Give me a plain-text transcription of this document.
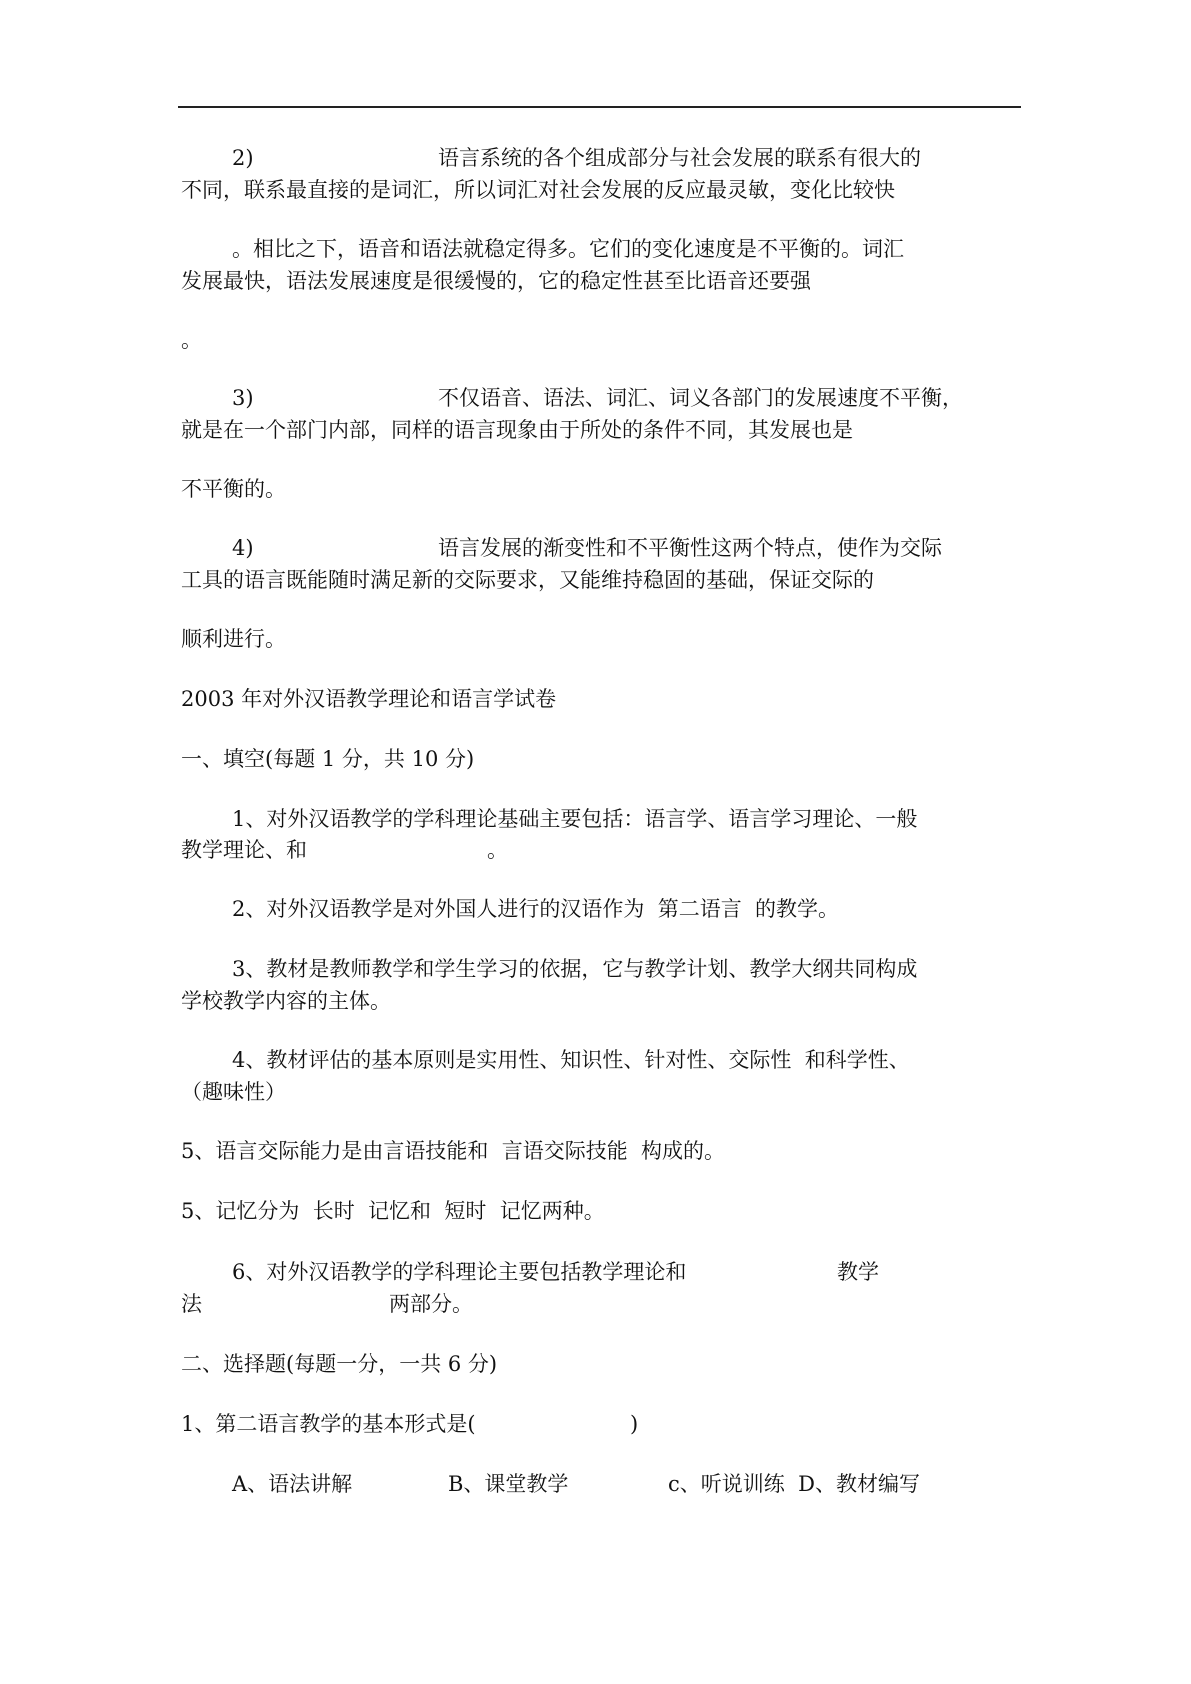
2)	语言系统的各个组成部分与社会发展的联系有很大的
不同，联系最直接的是词汇，所以词汇对社会发展的反应最灵敏，变化比较快
。相比之下，语音和语法就稳定得多。它们的变化速度是不平衡的。词汇
发展最快，语法发展速度是很缓慢的，它的稳定性甚至比语音还要强
。
3)	不仅语音、语法、词汇、词义各部门的发展速度不平衡，
就是在一个部门内部，同样的语言现象由于所处的条件不同，其发展也是
不平衡的。
4)	语言发展的渐变性和不平衡性这两个特点，使作为交际
工具的语言既能随时满足新的交际要求，又能维持稳固的基础，保证交际的
顺利进行。
2003 年对外汉语教学理论和语言学试卷
一、填空(每题 1 分，共 10 分)
1、对外汉语教学的学科理论基础主要包括：语言学、语言学习理论、一般
教学理论、和	。
2、对外汉语教学是对外国人进行的汉语作为  第二语言  的教学。
3、教材是教师教学和学生学习的依据，它与教学计划、教学大纲共同构成
学校教学内容的主体。
4、教材评估的基本原则是实用性、知识性、针对性、交际性  和科学性、
（趣味性）
5、语言交际能力是由言语技能和  言语交际技能  构成的。
5、记忆分为  长时  记忆和  短时  记忆两种。
6、对外汉语教学的学科理论主要包括教学理论和	教学
法	两部分。
二、选择题(每题一分，一共 6 分)
1、第二语言教学的基本形式是(	)
A、语法讲解	B、课堂教学	c、听说训练  D、教材编写
